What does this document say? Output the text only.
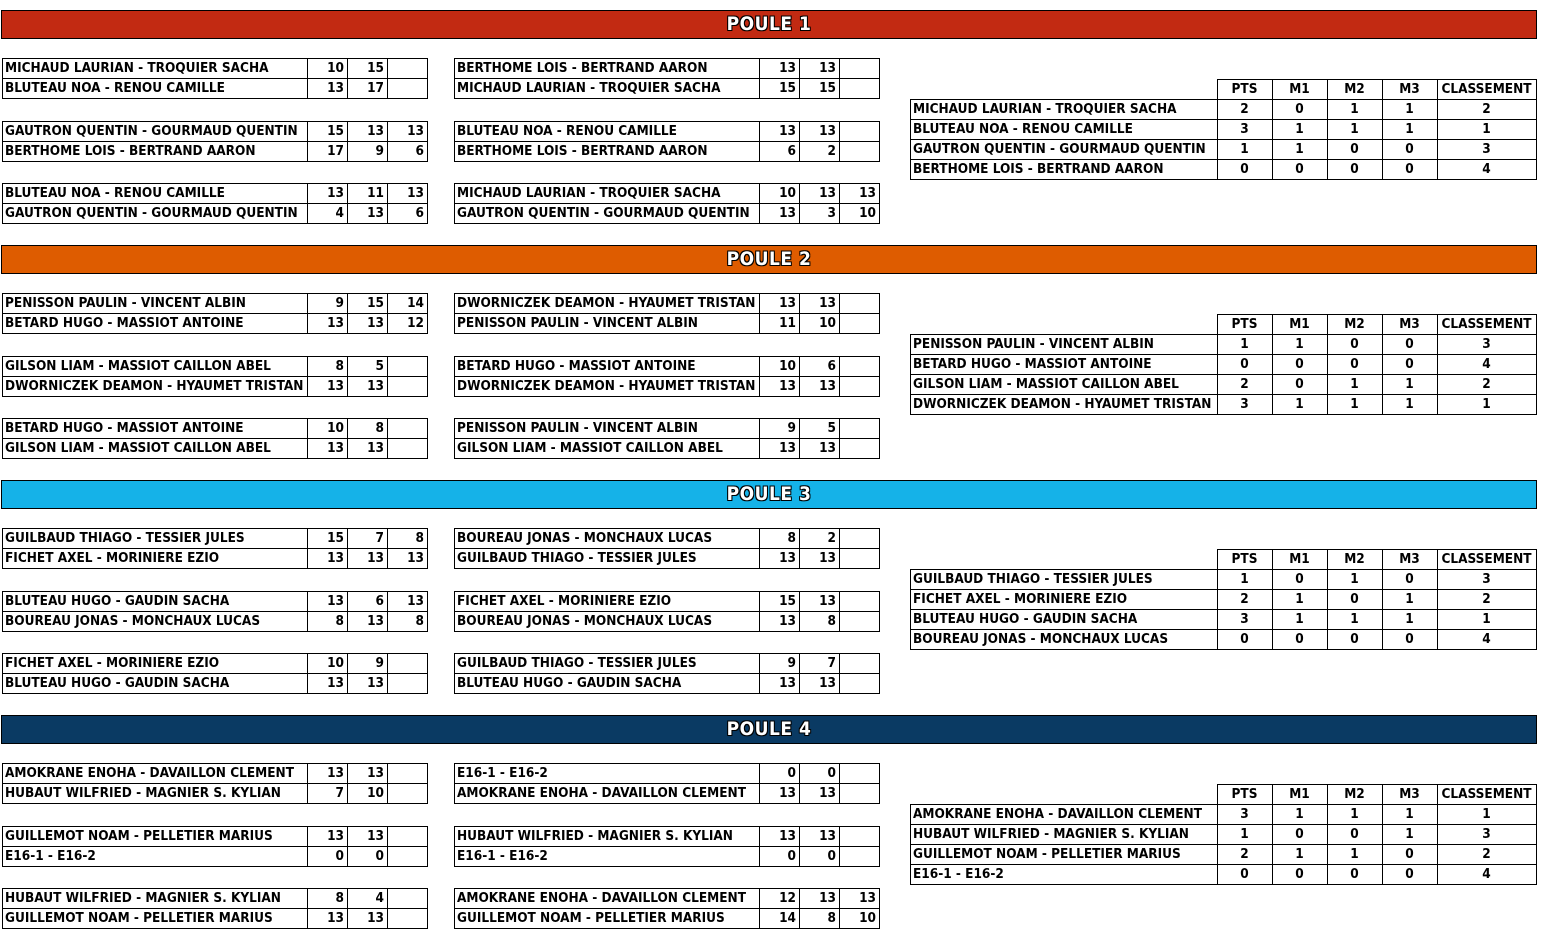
POULE 1
MICHAUD LAURIAN - TROQUIER SACHA	10	15	
BLUTEAU NOA - RENOU CAMILLE	13	17	
GAUTRON QUENTIN - GOURMAUD QUENTIN	15	13	13
BERTHOME LOIS - BERTRAND AARON	17	9	6
BLUTEAU NOA - RENOU CAMILLE	13	11	13
GAUTRON QUENTIN - GOURMAUD QUENTIN	4	13	6
BERTHOME LOIS - BERTRAND AARON	13	13	
MICHAUD LAURIAN - TROQUIER SACHA	15	15	
BLUTEAU NOA - RENOU CAMILLE	13	13	
BERTHOME LOIS - BERTRAND AARON	6	2	
MICHAUD LAURIAN - TROQUIER SACHA	10	13	13
GAUTRON QUENTIN - GOURMAUD QUENTIN	13	3	10
	PTS	M1	M2	M3	CLASSEMENT
MICHAUD LAURIAN - TROQUIER SACHA	2	0	1	1	2
BLUTEAU NOA - RENOU CAMILLE	3	1	1	1	1
GAUTRON QUENTIN - GOURMAUD QUENTIN	1	1	0	0	3
BERTHOME LOIS - BERTRAND AARON	0	0	0	0	4
POULE 2
PENISSON PAULIN - VINCENT ALBIN	9	15	14
BETARD HUGO - MASSIOT ANTOINE	13	13	12
GILSON LIAM - MASSIOT CAILLON ABEL	8	5	
DWORNICZEK DEAMON - HYAUMET TRISTAN	13	13	
BETARD HUGO - MASSIOT ANTOINE	10	8	
GILSON LIAM - MASSIOT CAILLON ABEL	13	13	
DWORNICZEK DEAMON - HYAUMET TRISTAN	13	13	
PENISSON PAULIN - VINCENT ALBIN	11	10	
BETARD HUGO - MASSIOT ANTOINE	10	6	
DWORNICZEK DEAMON - HYAUMET TRISTAN	13	13	
PENISSON PAULIN - VINCENT ALBIN	9	5	
GILSON LIAM - MASSIOT CAILLON ABEL	13	13	
	PTS	M1	M2	M3	CLASSEMENT
PENISSON PAULIN - VINCENT ALBIN	1	1	0	0	3
BETARD HUGO - MASSIOT ANTOINE	0	0	0	0	4
GILSON LIAM - MASSIOT CAILLON ABEL	2	0	1	1	2
DWORNICZEK DEAMON - HYAUMET TRISTAN	3	1	1	1	1
POULE 3
GUILBAUD THIAGO - TESSIER JULES	15	7	8
FICHET AXEL - MORINIERE EZIO	13	13	13
BLUTEAU HUGO - GAUDIN SACHA	13	6	13
BOUREAU JONAS - MONCHAUX LUCAS	8	13	8
FICHET AXEL - MORINIERE EZIO	10	9	
BLUTEAU HUGO - GAUDIN SACHA	13	13	
BOUREAU JONAS - MONCHAUX LUCAS	8	2	
GUILBAUD THIAGO - TESSIER JULES	13	13	
FICHET AXEL - MORINIERE EZIO	15	13	
BOUREAU JONAS - MONCHAUX LUCAS	13	8	
GUILBAUD THIAGO - TESSIER JULES	9	7	
BLUTEAU HUGO - GAUDIN SACHA	13	13	
	PTS	M1	M2	M3	CLASSEMENT
GUILBAUD THIAGO - TESSIER JULES	1	0	1	0	3
FICHET AXEL - MORINIERE EZIO	2	1	0	1	2
BLUTEAU HUGO - GAUDIN SACHA	3	1	1	1	1
BOUREAU JONAS - MONCHAUX LUCAS	0	0	0	0	4
POULE 4
AMOKRANE ENOHA - DAVAILLON CLEMENT	13	13	
HUBAUT WILFRIED - MAGNIER S. KYLIAN	7	10	
GUILLEMOT NOAM - PELLETIER MARIUS	13	13	
E16-1 - E16-2	0	0	
HUBAUT WILFRIED - MAGNIER S. KYLIAN	8	4	
GUILLEMOT NOAM - PELLETIER MARIUS	13	13	
E16-1 - E16-2	0	0	
AMOKRANE ENOHA - DAVAILLON CLEMENT	13	13	
HUBAUT WILFRIED - MAGNIER S. KYLIAN	13	13	
E16-1 - E16-2	0	0	
AMOKRANE ENOHA - DAVAILLON CLEMENT	12	13	13
GUILLEMOT NOAM - PELLETIER MARIUS	14	8	10
	PTS	M1	M2	M3	CLASSEMENT
AMOKRANE ENOHA - DAVAILLON CLEMENT	3	1	1	1	1
HUBAUT WILFRIED - MAGNIER S. KYLIAN	1	0	0	1	3
GUILLEMOT NOAM - PELLETIER MARIUS	2	1	1	0	2
E16-1 - E16-2	0	0	0	0	4
